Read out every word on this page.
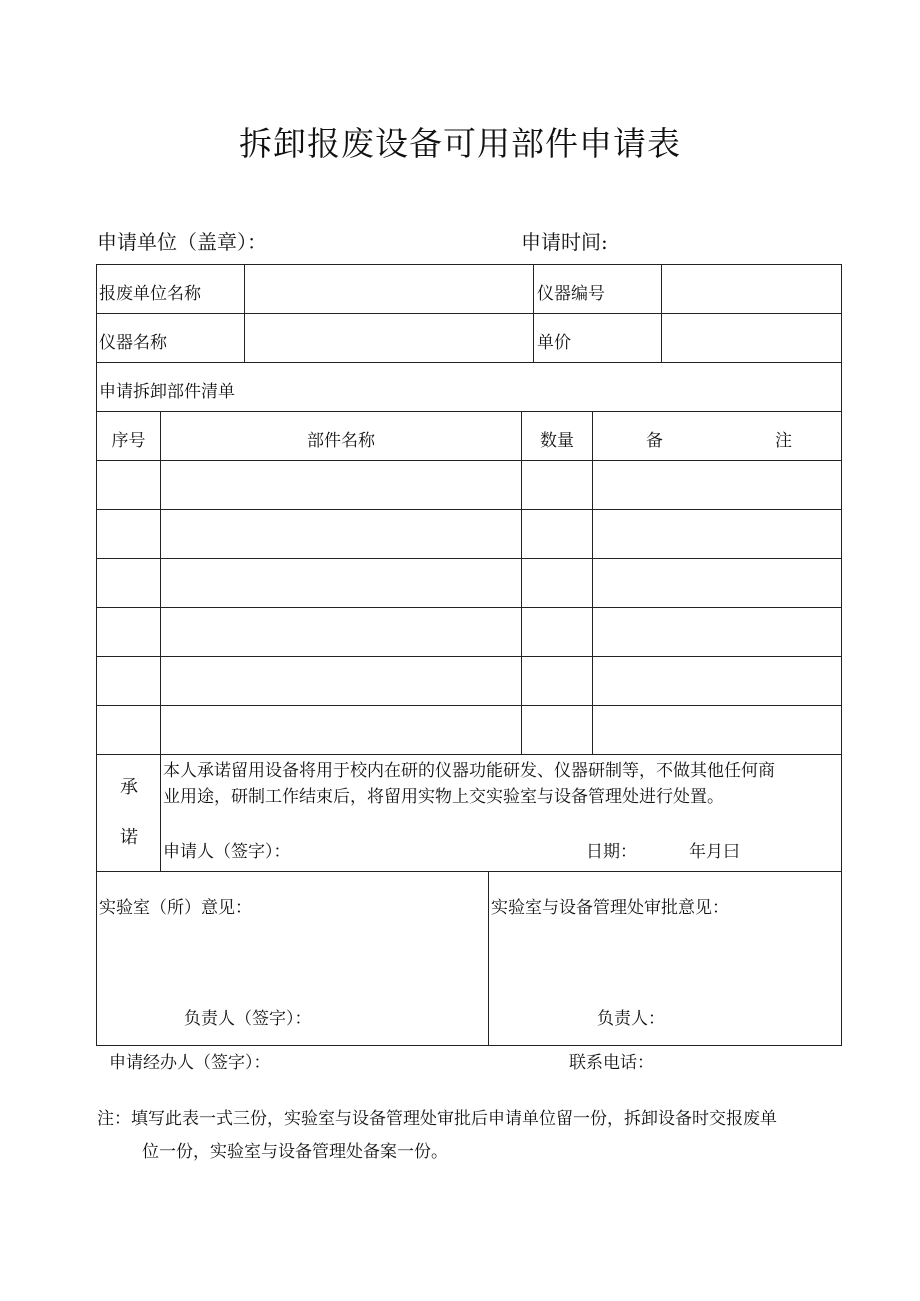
拆卸报废设备可用部件申请表
申请单位（盖章）：	申请时间:
报废单位名称	仪器编号
仪器名称	单价
申请拆卸部件清单
序号	部件名称	数量	备	注
承
诺
本人承诺留用设备将用于校内在研的仪器功能研发、仪器研制等，不做其他任何商
业用途，研制工作结束后，将留用实物上交实验室与设备管理处进行处置。
申请人（签字）：	日期：	年月曰
实验室（所）意见：
负责人（签字）：
实验室与设备管理处审批意见：
负责人：
申请经办人（签字）：	联系电话：
注：填写此表一式三份，实验室与设备管理处审批后申请单位留一份，拆卸设备时交报废单
位一份，实验室与设备管理处备案一份。
